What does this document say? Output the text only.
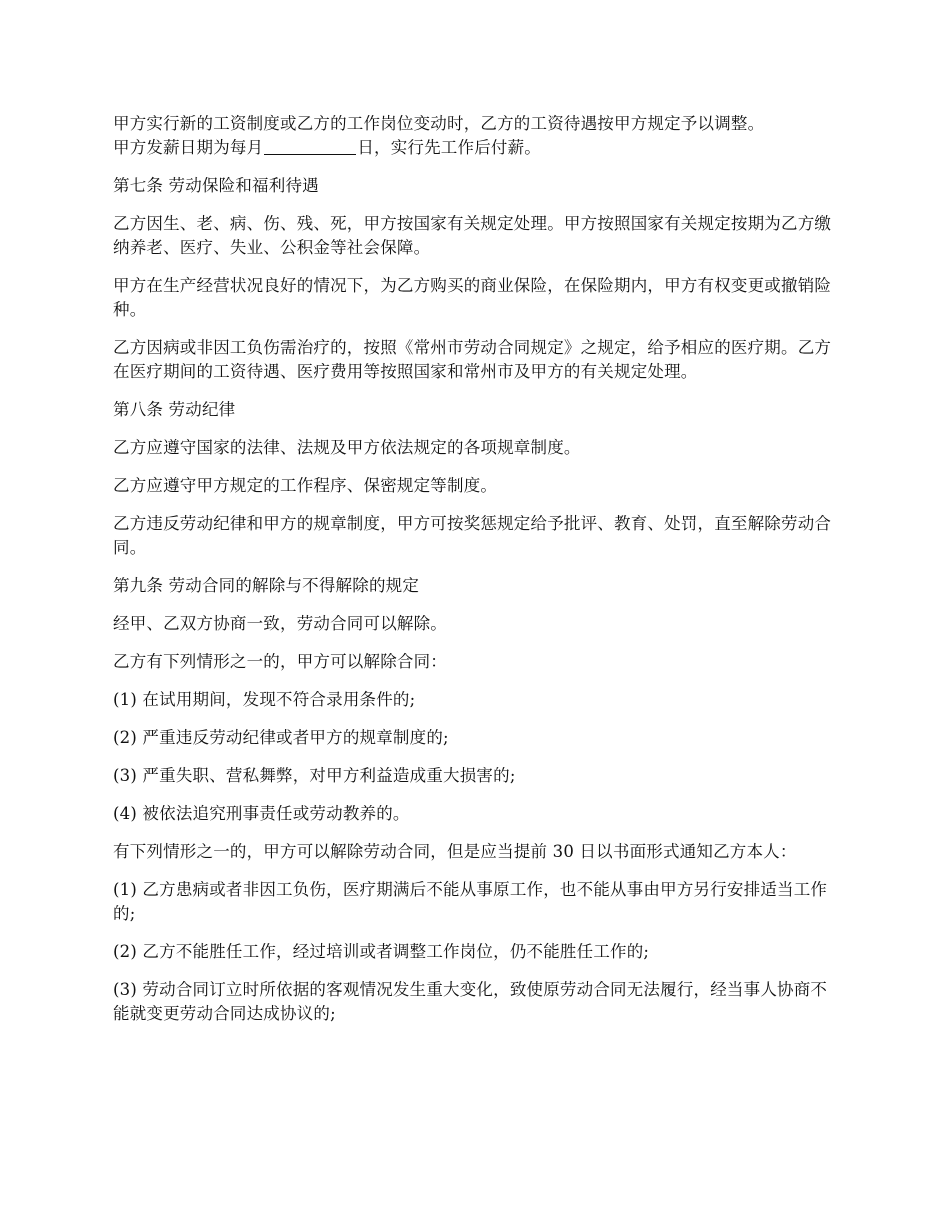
甲方实行新的工资制度或乙方的工作岗位变动时，乙方的工资待遇按甲方规定予以调整。
甲方发薪日期为每月	日，实行先工作后付薪。

第七条 劳动保险和福利待遇

乙方因生、老、病、伤、残、死，甲方按国家有关规定处理。甲方按照国家有关规定按期为乙方缴纳养老、医疗、失业、公积金等社会保障。

甲方在生产经营状况良好的情况下，为乙方购买的商业保险，在保险期内，甲方有权变更或撤销险种。

乙方因病或非因工负伤需治疗的，按照《常州市劳动合同规定》之规定，给予相应的医疗期。乙方在医疗期间的工资待遇、医疗费用等按照国家和常州市及甲方的有关规定处理。

第八条 劳动纪律

乙方应遵守国家的法律、法规及甲方依法规定的各项规章制度。

乙方应遵守甲方规定的工作程序、保密规定等制度。

乙方违反劳动纪律和甲方的规章制度，甲方可按奖惩规定给予批评、教育、处罚，直至解除劳动合同。

第九条 劳动合同的解除与不得解除的规定

经甲、乙双方协商一致，劳动合同可以解除。

乙方有下列情形之一的，甲方可以解除合同：

(1) 在试用期间，发现不符合录用条件的;

(2) 严重违反劳动纪律或者甲方的规章制度的;

(3) 严重失职、营私舞弊，对甲方利益造成重大损害的;

(4) 被依法追究刑事责任或劳动教养的。

有下列情形之一的，甲方可以解除劳动合同，但是应当提前 30 日以书面形式通知乙方本人：

(1) 乙方患病或者非因工负伤，医疗期满后不能从事原工作，也不能从事由甲方另行安排适当工作的;

(2) 乙方不能胜任工作，经过培训或者调整工作岗位，仍不能胜任工作的;

(3) 劳动合同订立时所依据的客观情况发生重大变化，致使原劳动合同无法履行，经当事人协商不能就变更劳动合同达成协议的;
